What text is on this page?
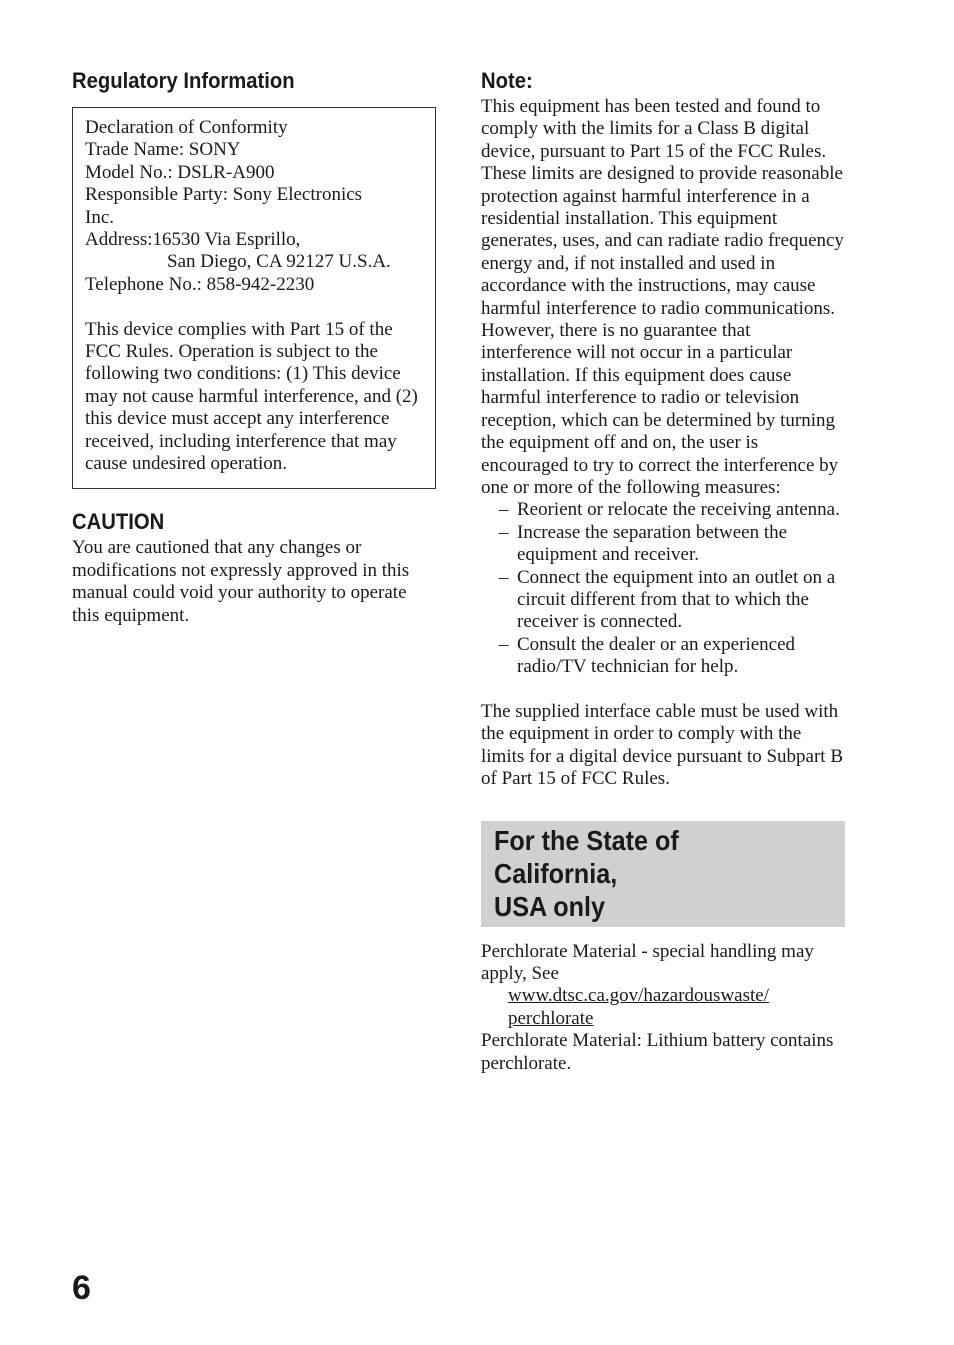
Regulatory Information
Declaration of Conformity
Trade Name: SONY
Model No.: DSLR-A900
Responsible Party: Sony Electronics
Inc.
Address:16530 Via Esprillo,
San Diego, CA 92127 U.S.A.
Telephone No.: 858-942-2230

This device complies with Part 15 of the FCC Rules. Operation is subject to the following two conditions: (1) This device may not cause harmful interference, and (2) this device must accept any interference received, including interference that may cause undesired operation.

CAUTION

You are cautioned that any changes or modifications not expressly approved in this manual could void your authority to operate this equipment.

Note:

This equipment has been tested and found to comply with the limits for a Class B digital device, pursuant to Part 15 of the FCC Rules.

These limits are designed to provide reasonable protection against harmful interference in a residential installation. This equipment generates, uses, and can radiate radio frequency energy and, if not installed and used in accordance with the instructions, may cause harmful interference to radio communications. However, there is no guarantee that interference will not occur in a particular installation. If this equipment does cause harmful interference to radio or television reception, which can be determined by turning the equipment off and on, the user is encouraged to try to correct the interference by one or more of the following measures:

– Reorient or relocate the receiving antenna.
– Increase the separation between the equipment and receiver.
– Connect the equipment into an outlet on a circuit different from that to which the receiver is connected.
– Consult the dealer or an experienced radio/TV technician for help.

The supplied interface cable must be used with the equipment in order to comply with the limits for a digital device pursuant to Subpart B of Part 15 of FCC Rules.

For the State of California,
USA only

Perchlorate Material - special handling may apply, See

www.dtsc.ca.gov/hazardouswaste/
perchlorate

Perchlorate Material: Lithium battery contains perchlorate.

6
